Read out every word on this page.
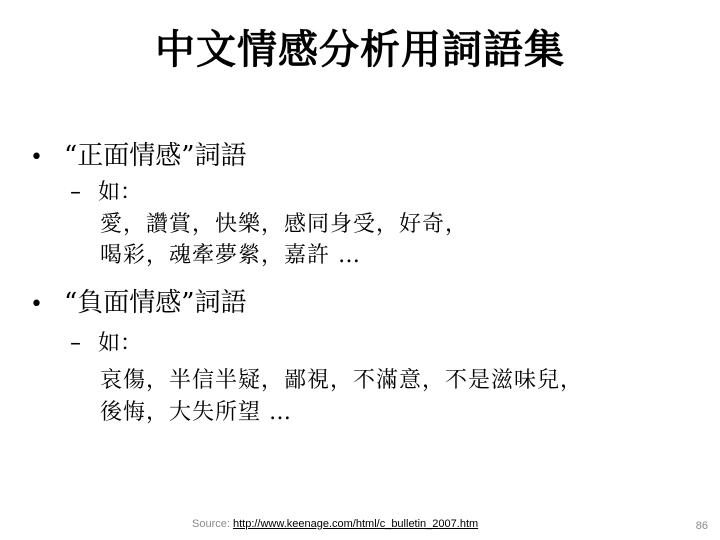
中文情感分析用詞語集
• “正面情感”詞語
– 如：
愛，讚賞，快樂，感同身受，好奇，
喝彩，魂牽夢縈，嘉許 …
• “負面情感”詞語
– 如：
哀傷，半信半疑，鄙視，不滿意，不是滋味兒，
後悔，大失所望 …
Source: http://www.keenage.com/html/c_bulletin_2007.htm	86
